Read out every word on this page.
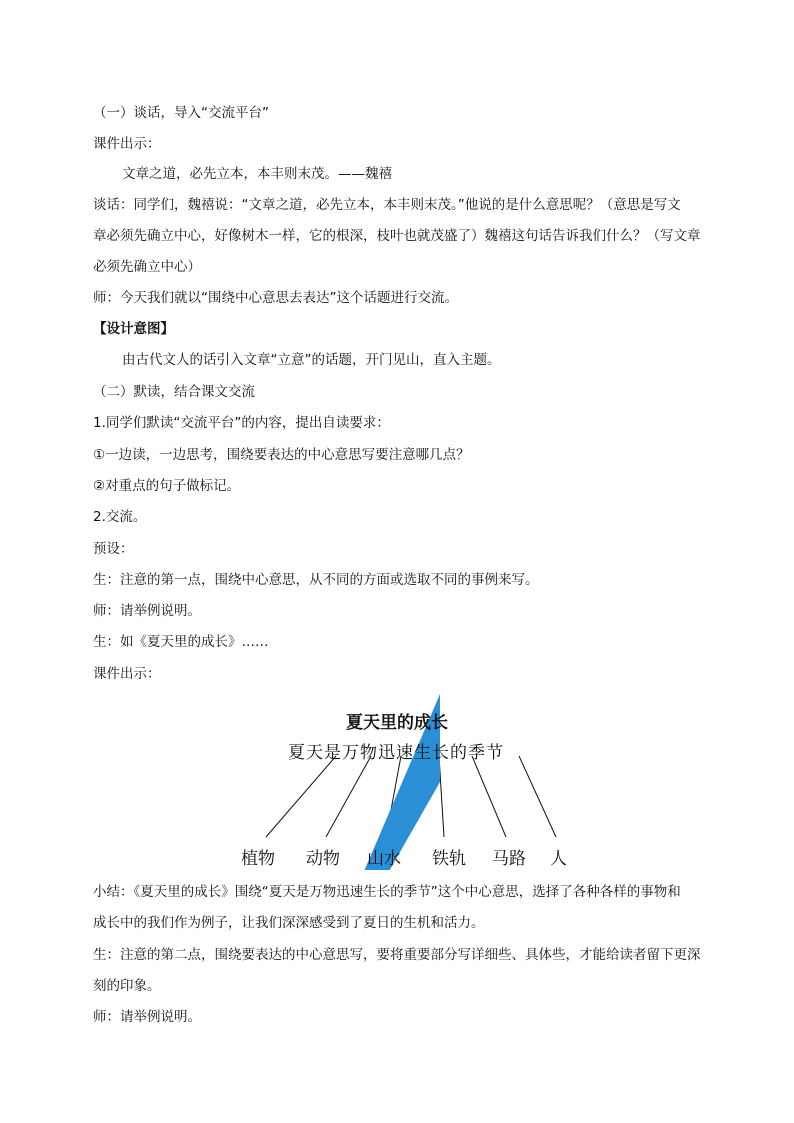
（一）谈话，导入“交流平台”
课件出示：
文章之道，必先立本，本丰则末茂。——魏禧
谈话：同学们，魏禧说：“文章之道，必先立本，本丰则末茂。”他说的是什么意思呢？（意思是写文
章必须先确立中心，好像树木一样，它的根深，枝叶也就茂盛了）魏禧这句话告诉我们什么？（写文章
必须先确立中心）
师：今天我们就以“围绕中心意思去表达”这个话题进行交流。
【设计意图】
由古代文人的话引入文章“立意”的话题，开门见山，直入主题。
（二）默读，结合课文交流
1.同学们默读“交流平台”的内容，提出自读要求：
①一边读，一边思考，围绕要表达的中心意思写要注意哪几点？
②对重点的句子做标记。
2.交流。
预设：
生：注意的第一点，围绕中心意思，从不同的方面或选取不同的事例来写。
师：请举例说明。
生：如《夏天里的成长》……
课件出示：
夏天里的成长
夏天是万物迅速生长的季节
植物 动物 山水 铁轨 马路 人
小结：《夏天里的成长》围绕“夏天是万物迅速生长的季节”这个中心意思，选择了各种各样的事物和
成长中的我们作为例子，让我们深深感受到了夏日的生机和活力。
生：注意的第二点，围绕要表达的中心意思写，要将重要部分写详细些、具体些，才能给读者留下更深
刻的印象。
师：请举例说明。
